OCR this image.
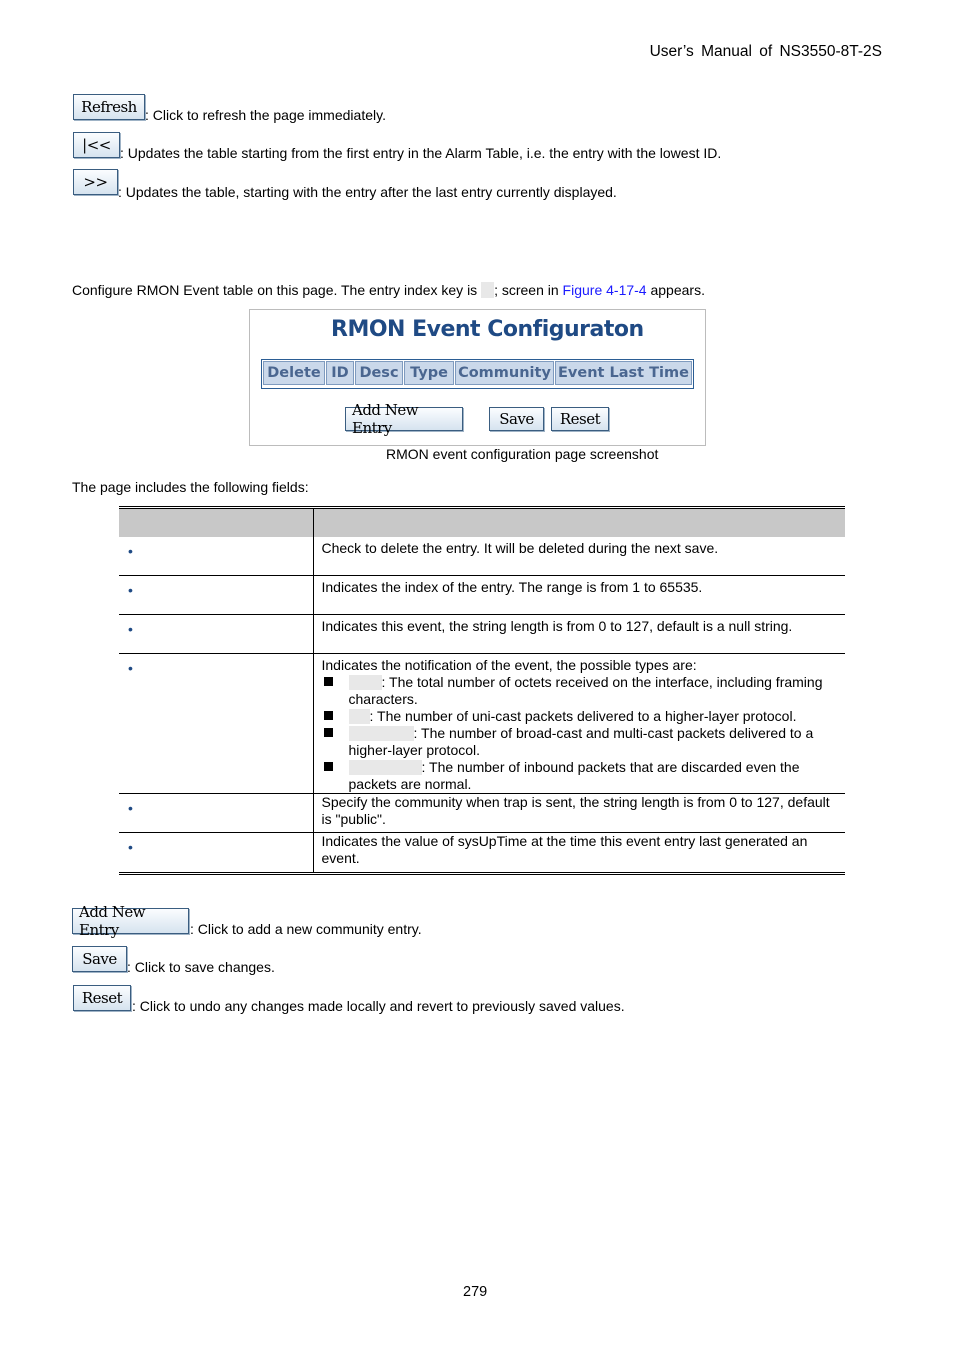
User’s Manual of NS3550-8T-2S
Refresh : Click to refresh the page immediately.
|<< : Updates the table starting from the first entry in the Alarm Table, i.e. the entry with the lowest ID.
>>
: Updates the table, starting with the entry after the last entry currently displayed.
Configure RMON Event table on this page. The entry index key is ; screen in Figure 4-17-4 appears.
RMON Event Configuraton
Delete ID Desc Type Community Event Last Time
Add New Entry	Save	Reset
RMON event configuration page screenshot
The page includes the following fields:

•	Check to delete the entry. It will be deleted during the next save.

•	Indicates the index of the entry. The range is from 1 to 65535.

•	Indicates this event, the string length is from 0 to 127, default is a null string.

•	Indicates the notification of the event, the possible types are:
: The total number of octets received on the interface, including framing characters.
: The number of uni-cast packets delivered to a higher-layer protocol.
: The number of broad-cast and multi-cast packets delivered to a higher-layer protocol.
: The number of inbound packets that are discarded even the packets are normal.

•	Specify the community when trap is sent, the string length is from 0 to 127, default is "public".

•	Indicates the value of sysUpTime at the time this event entry last generated an event.
Add New Entry	: Click to add a new community entry.
Save : Click to save changes.
Reset : Click to undo any changes made locally and revert to previously saved values.
279
